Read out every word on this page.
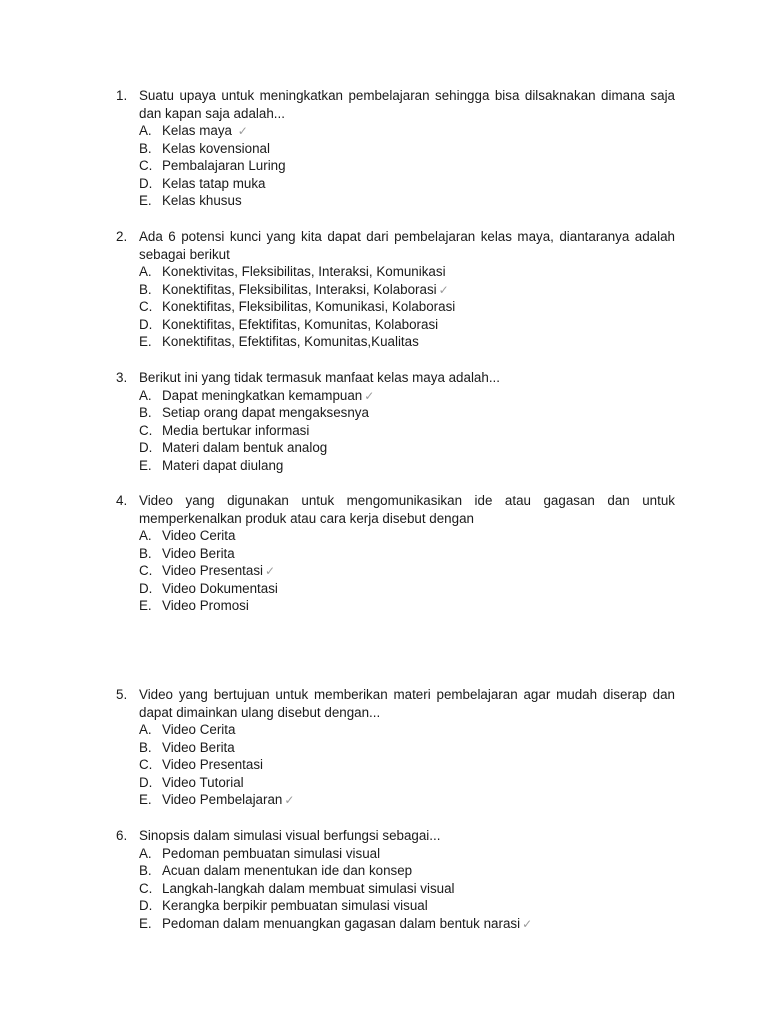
1. Suatu upaya untuk meningkatkan pembelajaran sehingga bisa dilsaknakan dimana saja dan kapan saja adalah...
A. Kelas maya ✓
B. Kelas kovensional
C. Pembalajaran Luring
D. Kelas tatap muka
E. Kelas khusus
2. Ada 6 potensi kunci yang kita dapat dari pembelajaran kelas maya, diantaranya adalah sebagai berikut
A. Konektivitas, Fleksibilitas, Interaksi, Komunikasi
B. Konektifitas, Fleksibilitas, Interaksi, Kolaborasi ✓
C. Konektifitas, Fleksibilitas, Komunikasi, Kolaborasi
D. Konektifitas, Efektifitas, Komunitas, Kolaborasi
E. Konektifitas, Efektifitas, Komunitas,Kualitas
3. Berikut ini yang tidak termasuk manfaat kelas maya adalah...
A. Dapat meningkatkan kemampuan ✓
B. Setiap orang dapat mengaksesnya
C. Media bertukar informasi
D. Materi dalam bentuk analog
E. Materi dapat diulang
4. Video yang digunakan untuk mengomunikasikan ide atau gagasan dan untuk memperkenalkan produk atau cara kerja disebut dengan
A. Video Cerita
B. Video Berita
C. Video Presentasi ✓
D. Video Dokumentasi
E. Video Promosi
5. Video yang bertujuan untuk memberikan materi pembelajaran agar mudah diserap dan dapat dimainkan ulang disebut dengan...
A. Video Cerita
B. Video Berita
C. Video Presentasi
D. Video Tutorial
E. Video Pembelajaran ✓
6. Sinopsis dalam simulasi visual berfungsi sebagai...
A. Pedoman pembuatan simulasi visual
B. Acuan dalam menentukan ide dan konsep
C. Langkah-langkah dalam membuat simulasi visual
D. Kerangka berpikir pembuatan simulasi visual
E. Pedoman dalam menuangkan gagasan dalam bentuk narasi ✓
